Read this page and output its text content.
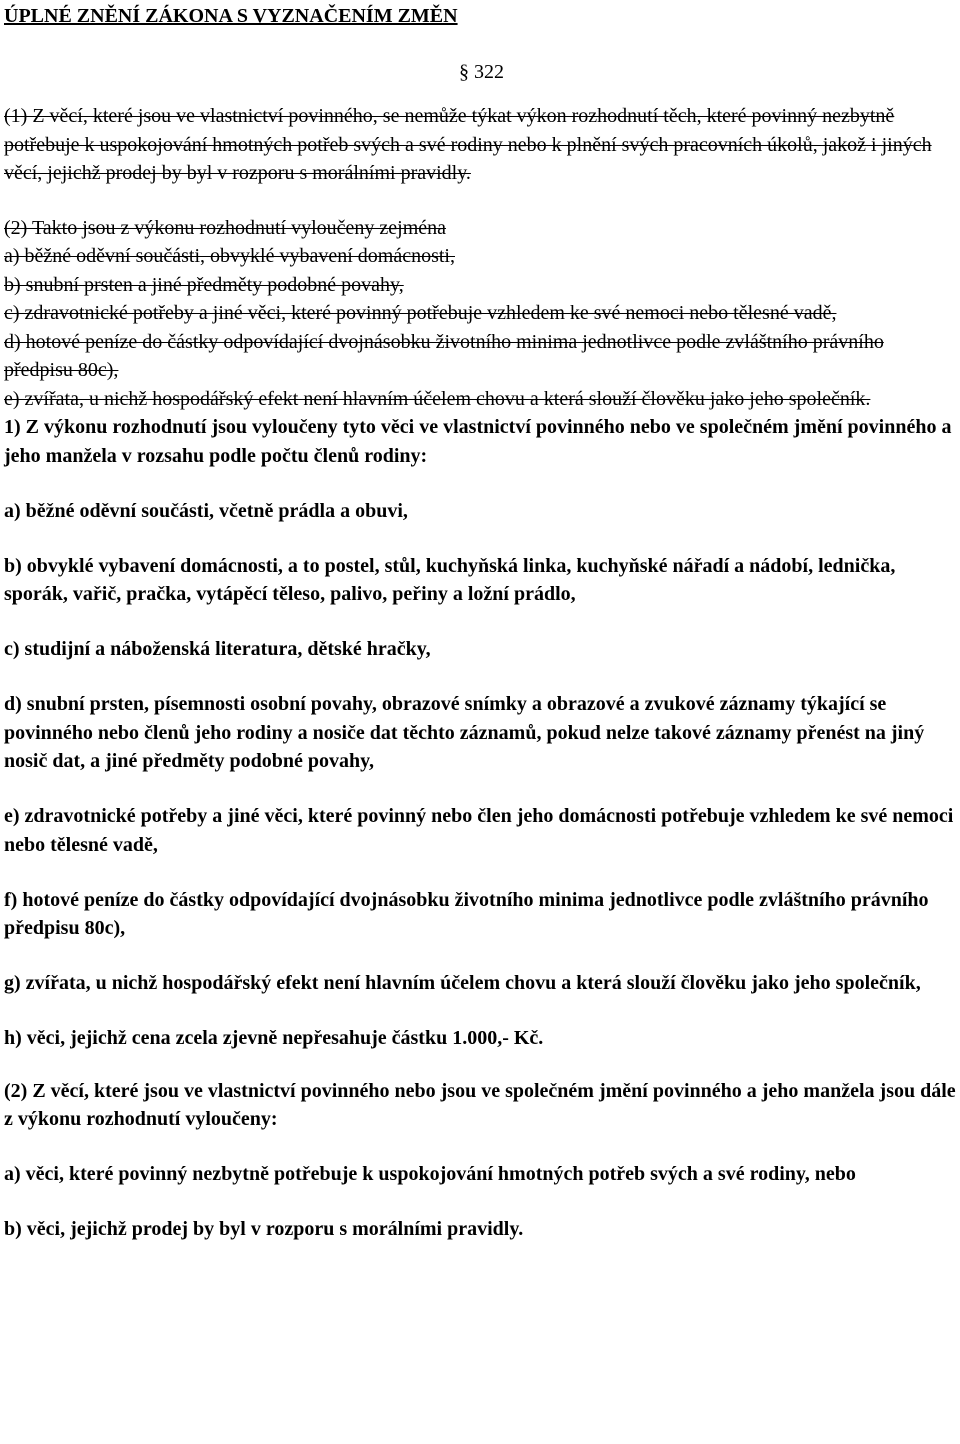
ÚPLNÉ ZNĚNÍ ZÁKONA S VYZNAČENÍM ZMĚN
§ 322

(1) Z věcí, které jsou ve vlastnictví povinného, se nemůže týkat výkon rozhodnutí těch, které povinný nezbytně potřebuje k uspokojování hmotných potřeb svých a své rodiny nebo k plnění svých pracovních úkolů, jakož i jiných věcí, jejichž prodej by byl v rozporu s morálními pravidly.

(2) Takto jsou z výkonu rozhodnutí vyloučeny zejména

a) běžné oděvní součásti, obvyklé vybavení domácnosti,

b) snubní prsten a jiné předměty podobné povahy,

c) zdravotnické potřeby a jiné věci, které povinný potřebuje vzhledem ke své nemoci nebo tělesné vadě,

d) hotové peníze do částky odpovídající dvojnásobku životního minima jednotlivce podle zvláštního právního předpisu 80c),

e) zvířata, u nichž hospodářský efekt není hlavním účelem chovu a která slouží člověku jako jeho společník.

1) Z výkonu rozhodnutí jsou vyloučeny tyto věci ve vlastnictví povinného nebo ve společném jmění povinného a jeho manžela v rozsahu podle počtu členů rodiny:

a) běžné oděvní součásti, včetně prádla a obuvi,

b) obvyklé vybavení domácnosti, a to postel, stůl, kuchyňská linka, kuchyňské nářadí a nádobí, lednička, sporák, vařič, pračka, vytápěcí těleso, palivo, peřiny a ložní prádlo,

c) studijní a náboženská literatura, dětské hračky,

d) snubní prsten, písemnosti osobní povahy, obrazové snímky a obrazové a zvukové záznamy týkající se povinného nebo členů jeho rodiny a nosiče dat těchto záznamů, pokud nelze takové záznamy přenést na jiný nosič dat, a jiné předměty podobné povahy,

e) zdravotnické potřeby a jiné věci, které povinný nebo člen jeho domácnosti potřebuje vzhledem ke své nemoci nebo tělesné vadě,

f) hotové peníze do částky odpovídající dvojnásobku životního minima jednotlivce podle zvláštního právního předpisu 80c),

g) zvířata, u nichž hospodářský efekt není hlavním účelem chovu a která slouží člověku jako jeho společník,

h) věci, jejichž cena zcela zjevně nepřesahuje částku 1.000,- Kč.

(2) Z věcí, které jsou ve vlastnictví povinného nebo jsou ve společném jmění povinného a jeho manžela jsou dále z výkonu rozhodnutí vyloučeny:

a) věci, které povinný nezbytně potřebuje k uspokojování hmotných potřeb svých a své rodiny, nebo

b) věci, jejichž prodej by byl v rozporu s morálními pravidly.
